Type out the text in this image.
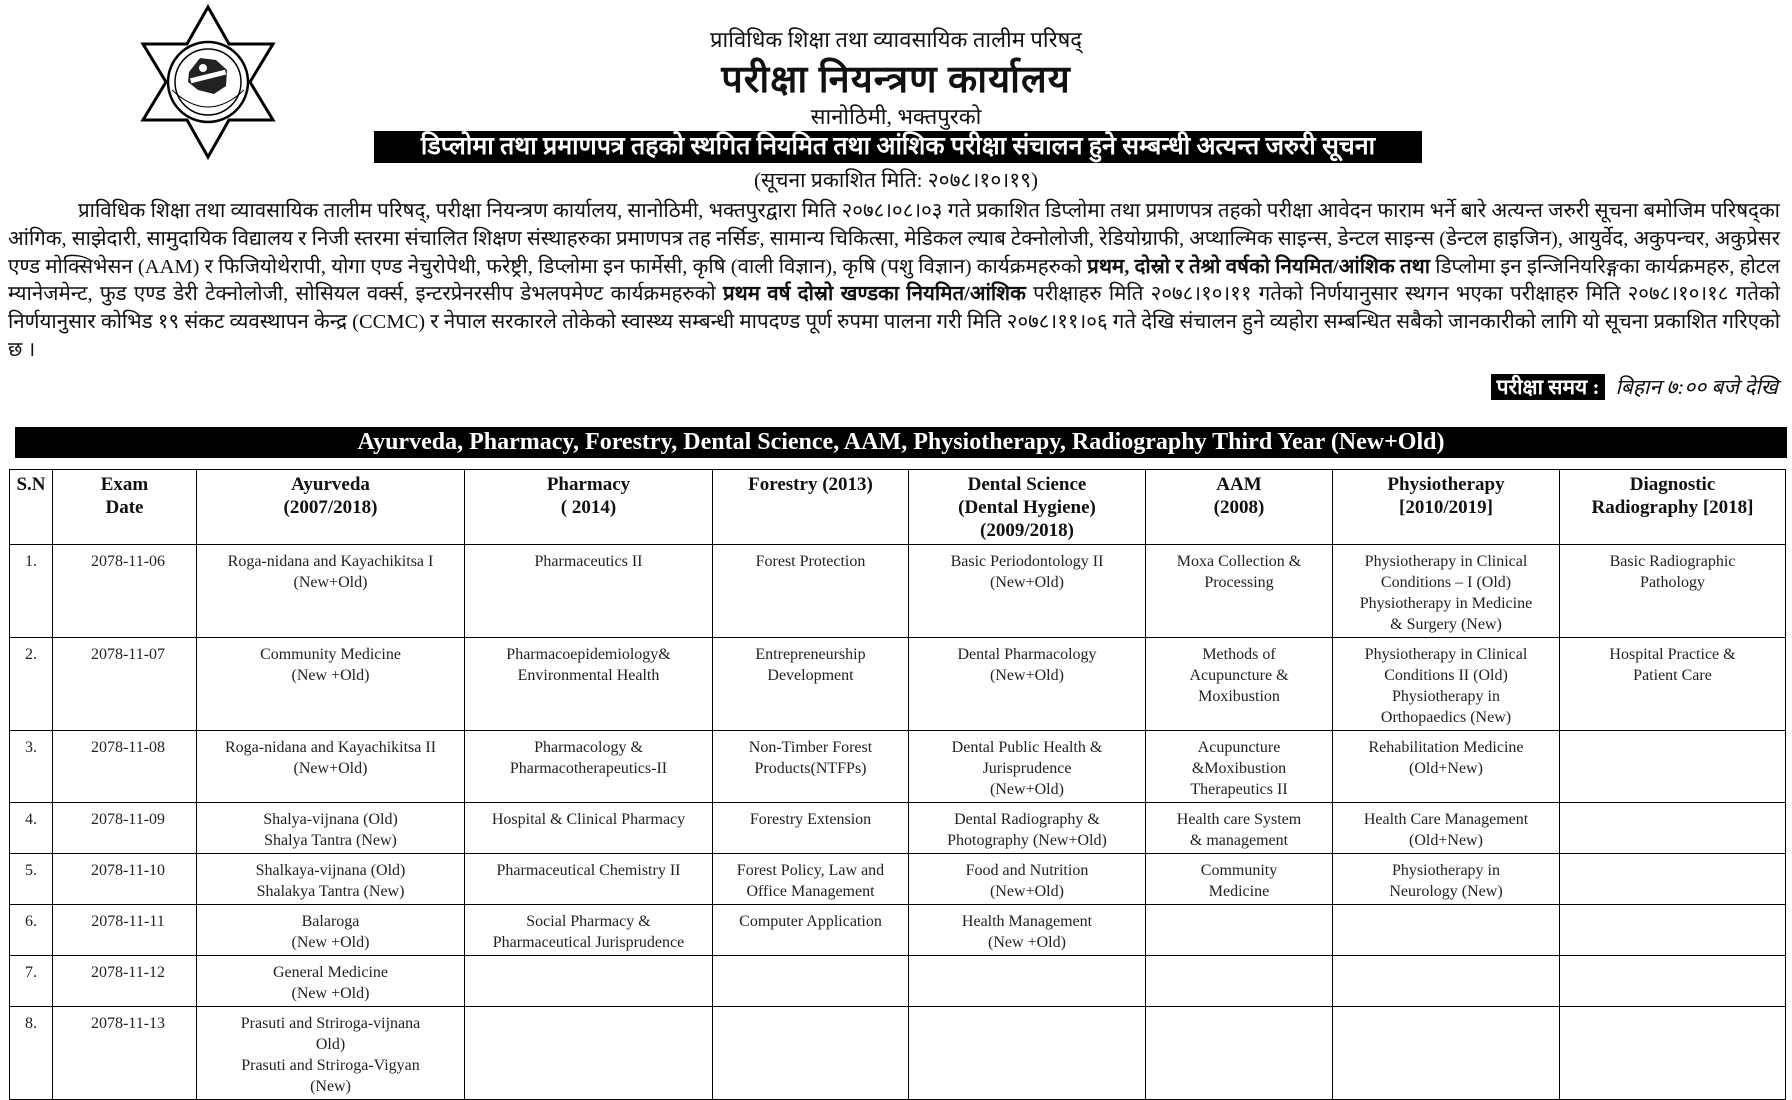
प्राविधिक शिक्षा तथा व्यावसायिक तालीम परिषद्
परीक्षा नियन्त्रण कार्यालय
सानोठिमी, भक्तपुरको
डिप्लोमा तथा प्रमाणपत्र तहको स्थगित नियमित तथा आंशिक परीक्षा संचालन हुने सम्बन्धी अत्यन्त जरुरी सूचना
(सूचना प्रकाशित मिति: २०७८।१०।१९)

प्राविधिक शिक्षा तथा व्यावसायिक तालीम परिषद्, परीक्षा नियन्त्रण कार्यालय, सानोठिमी, भक्तपुरद्वारा मिति २०७८।०८।०३ गते प्रकाशित डिप्लोमा तथा प्रमाणपत्र तहको परीक्षा आवेदन फाराम भर्ने बारे अत्यन्त जरुरी सूचना बमोजिम परिषद्का आंगिक, साझेदारी, सामुदायिक विद्यालय र निजी स्तरमा संचालित शिक्षण संस्थाहरुका प्रमाणपत्र तह नर्सिङ, सामान्य चिकित्सा, मेडिकल ल्याब टेक्नोलोजी, रेडियोग्राफी, अप्थाल्मिक साइन्स, डेन्टल साइन्स (डेन्टल हाइजिन), आयुर्वेद, अकुपन्चर, अकुप्रेसर एण्ड मोक्सिभेसन (AAM) र फिजियोथेरापी, योगा एण्ड नेचुरोपेथी, फरेष्ट्री, डिप्लोमा इन फार्मेसी, कृषि (वाली विज्ञान), कृषि (पशु विज्ञान) कार्यक्रमहरुको प्रथम, दोस्रो र तेश्रो वर्षको नियमित/आंशिक तथा डिप्लोमा इन इन्जिनियरिङ्गका कार्यक्रमहरु, होटल म्यानेजमेन्ट, फुड एण्ड डेरी टेक्नोलोजी, सोसियल वर्क्स, इन्टरप्रेनरसीप डेभलपमेण्ट कार्यक्रमहरुको प्रथम वर्ष दोस्रो खण्डका नियमित/आंशिक परीक्षाहरु मिति २०७८।१०।११ गतेको निर्णयानुसार स्थगन भएका परीक्षाहरु मिति २०७८।१०।१८ गतेको निर्णयानुसार कोभिड १९ संकट व्यवस्थापन केन्द्र (CCMC) र नेपाल सरकारले तोकेको स्वास्थ्य सम्बन्धी मापदण्ड पूर्ण रुपमा पालना गरी मिति २०७८।११।०६ गते देखि संचालन हुने व्यहोरा सम्बन्धित सबैको जानकारीको लागि यो सूचना प्रकाशित गरिएको छ ।

परीक्षा समय : बिहान ७:०० बजे देखि
Ayurveda, Pharmacy, Forestry, Dental Science, AAM, Physiotherapy, Radiography Third Year (New+Old)
S.N	Exam
Date	Ayurveda
(2007/2018)	Pharmacy
( 2014)	Forestry (2013)	Dental Science
(Dental Hygiene)
(2009/2018)	AAM
(2008)	Physiotherapy
[2010/2019]	Diagnostic
Radiography [2018]
1.	2078-11-06	Roga-nidana and Kayachikitsa I
(New+Old)	Pharmaceutics II	Forest Protection	Basic Periodontology II
(New+Old)	Moxa Collection &
Processing	Physiotherapy in Clinical
Conditions – I (Old)
Physiotherapy in Medicine
& Surgery (New)	Basic Radiographic
Pathology
2.	2078-11-07	Community Medicine
(New +Old)	Pharmacoepidemiology&
Environmental Health	Entrepreneurship
Development	Dental Pharmacology
(New+Old)	Methods of
Acupuncture &
Moxibustion	Physiotherapy in Clinical
Conditions II (Old)
Physiotherapy in
Orthopaedics (New)	Hospital Practice &
Patient Care
3.	2078-11-08	Roga-nidana and Kayachikitsa II
(New+Old)	Pharmacology &
Pharmacotherapeutics-II	Non-Timber Forest
Products(NTFPs)	Dental Public Health &
Jurisprudence
(New+Old)	Acupuncture
&Moxibustion
Therapeutics II	Rehabilitation Medicine
(Old+New)	
4.	2078-11-09	Shalya-vijnana (Old)
Shalya Tantra (New)	Hospital & Clinical Pharmacy	Forestry Extension	Dental Radiography &
Photography (New+Old)	Health care System
& management	Health Care Management
(Old+New)	
5.	2078-11-10	Shalkaya-vijnana (Old)
Shalakya Tantra (New)	Pharmaceutical Chemistry II	Forest Policy, Law and
Office Management	Food and Nutrition
(New+Old)	Community
Medicine	Physiotherapy in
Neurology (New)	
6.	2078-11-11	Balaroga
(New +Old)	Social Pharmacy &
Pharmaceutical Jurisprudence	Computer Application	Health Management
(New +Old)			
7.	2078-11-12	General Medicine
(New +Old)						
8.	2078-11-13	Prasuti and Striroga-vijnana
Old)
Prasuti and Striroga-Vigyan
(New)						
